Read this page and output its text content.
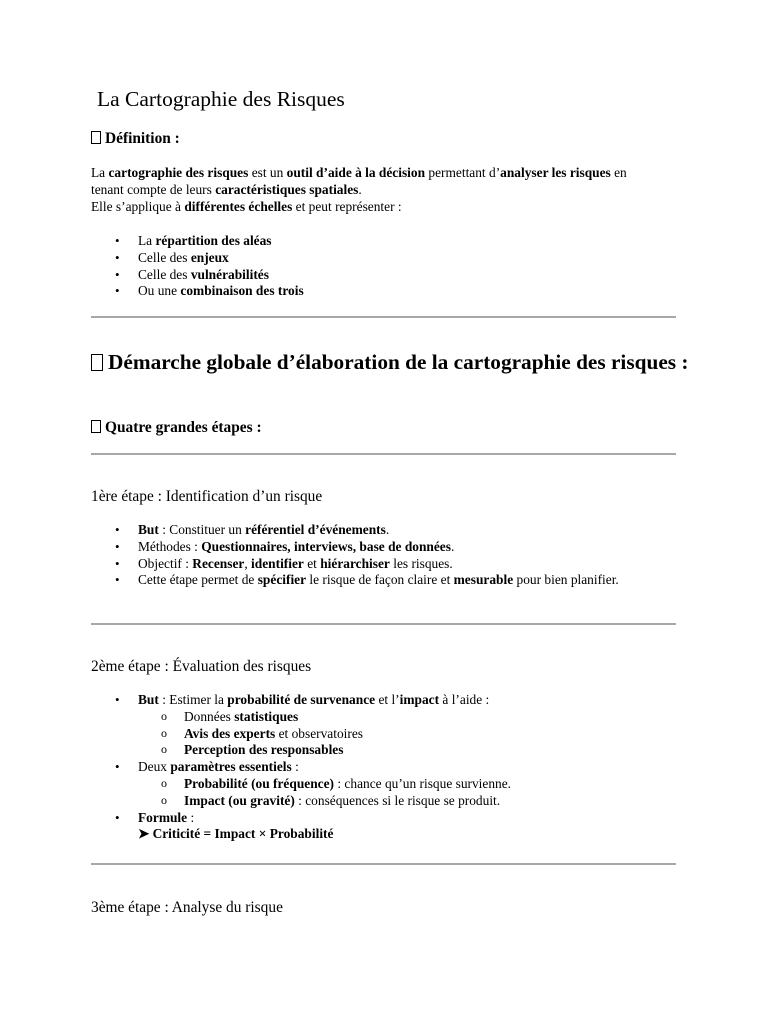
La Cartographie des Risques
Définition :

La cartographie des risques est un outil d’aide à la décision permettant d’analyser les risques en tenant compte de leurs caractéristiques spatiales.
Elle s’applique à différentes échelles et peut représenter :

• La répartition des aléas
• Celle des enjeux
• Celle des vulnérabilités
• Ou une combinaison des trois
Démarche globale d’élaboration de la cartographie des risques :
Quatre grandes étapes :
1ère étape : Identification d’un risque
• But : Constituer un référentiel d’événements.
• Méthodes : Questionnaires, interviews, base de données.
• Objectif : Recenser, identifier et hiérarchiser les risques.
• Cette étape permet de spécifier le risque de façon claire et mesurable pour bien planifier.
2ème étape : Évaluation des risques
• But : Estimer la probabilité de survenance et l’impact à l’aide :
o Données statistiques
o Avis des experts et observatoires
o Perception des responsables
• Deux paramètres essentiels :
o Probabilité (ou fréquence) : chance qu’un risque survienne.
o Impact (ou gravité) : conséquences si le risque se produit.
• Formule :
➤ Criticité = Impact × Probabilité
3ème étape : Analyse du risque
